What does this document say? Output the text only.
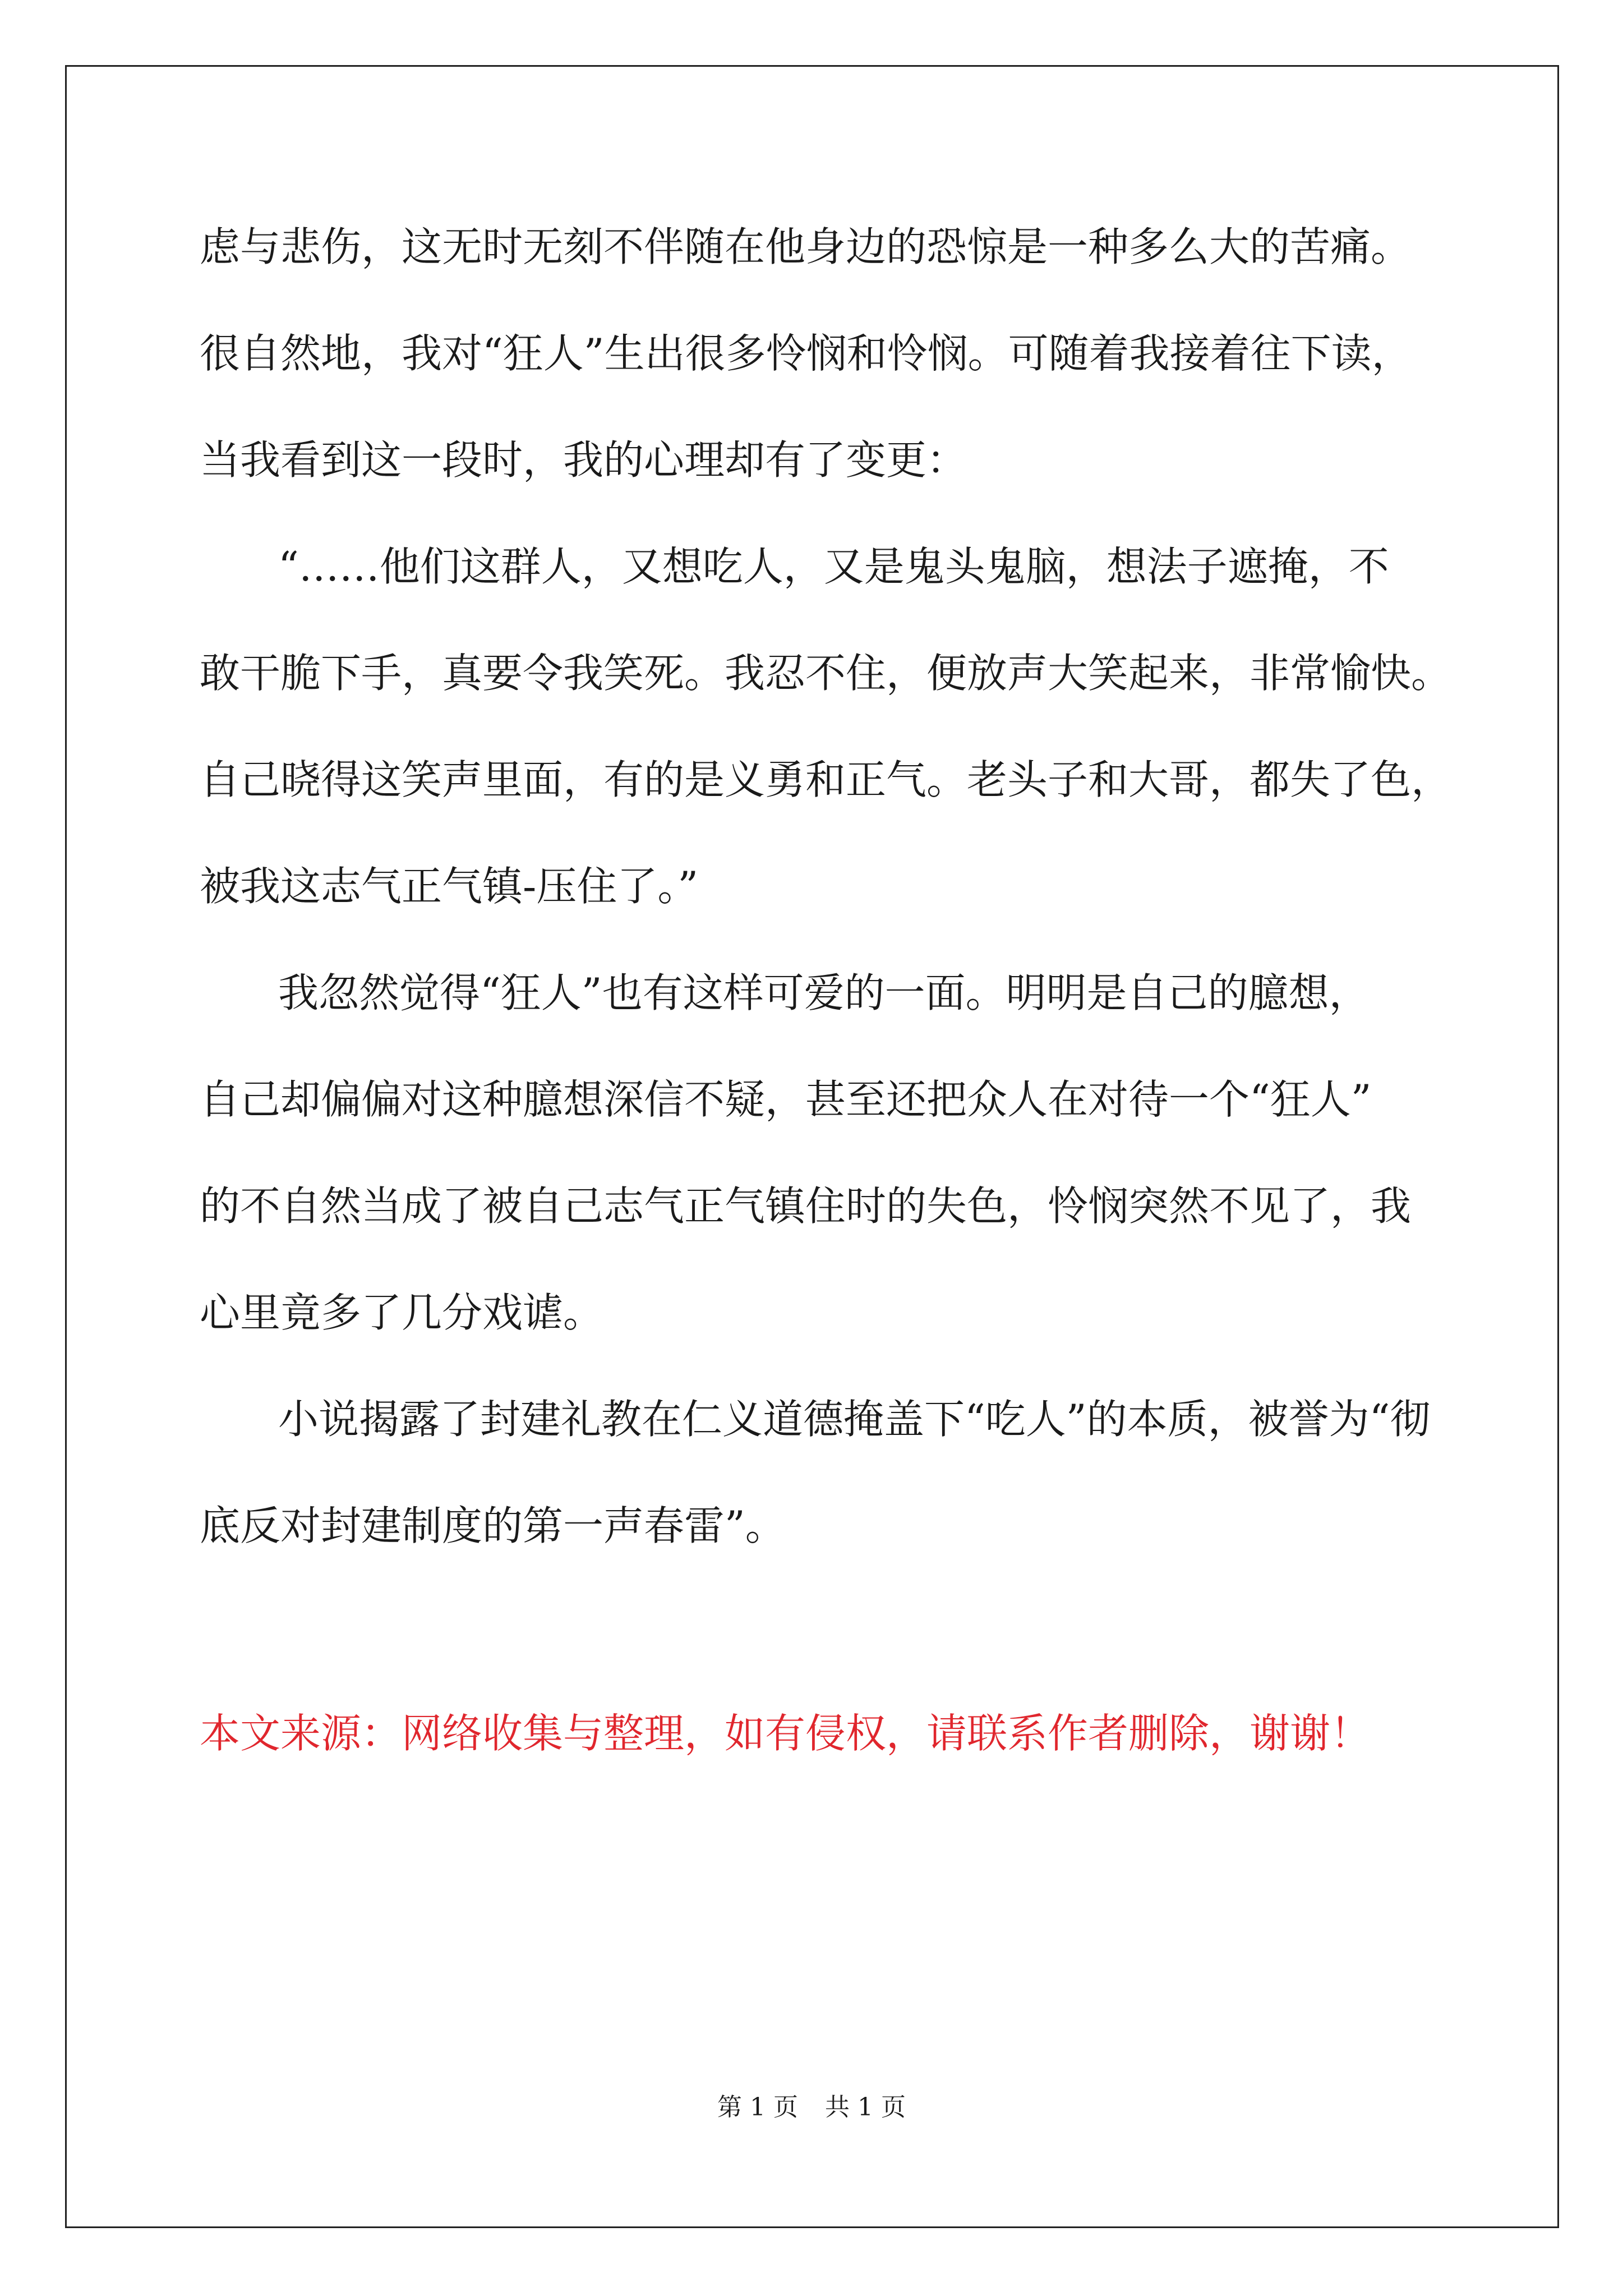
虑与悲伤，这无时无刻不伴随在他身边的恐惊是一种多么大的苦痛。
很自然地，我对“狂人”生出很多怜悯和怜悯。可随着我接着往下读，
当我看到这一段时，我的心理却有了变更：
“……他们这群人，又想吃人，又是鬼头鬼脑，想法子遮掩，不
敢干脆下手，真要令我笑死。我忍不住，便放声大笑起来，非常愉快。
自己晓得这笑声里面，有的是义勇和正气。老头子和大哥，都失了色，
被我这志气正气镇-压住了。”
我忽然觉得“狂人”也有这样可爱的一面。明明是自己的臆想，
自己却偏偏对这种臆想深信不疑，甚至还把众人在对待一个“狂人”
的不自然当成了被自己志气正气镇住时的失色，怜悯突然不见了，我
心里竟多了几分戏谑。
小说揭露了封建礼教在仁义道德掩盖下“吃人”的本质，被誉为“彻
底反对封建制度的第一声春雷”。
本文来源：网络收集与整理，如有侵权，请联系作者删除，谢谢！
第 1 页 共 1 页
